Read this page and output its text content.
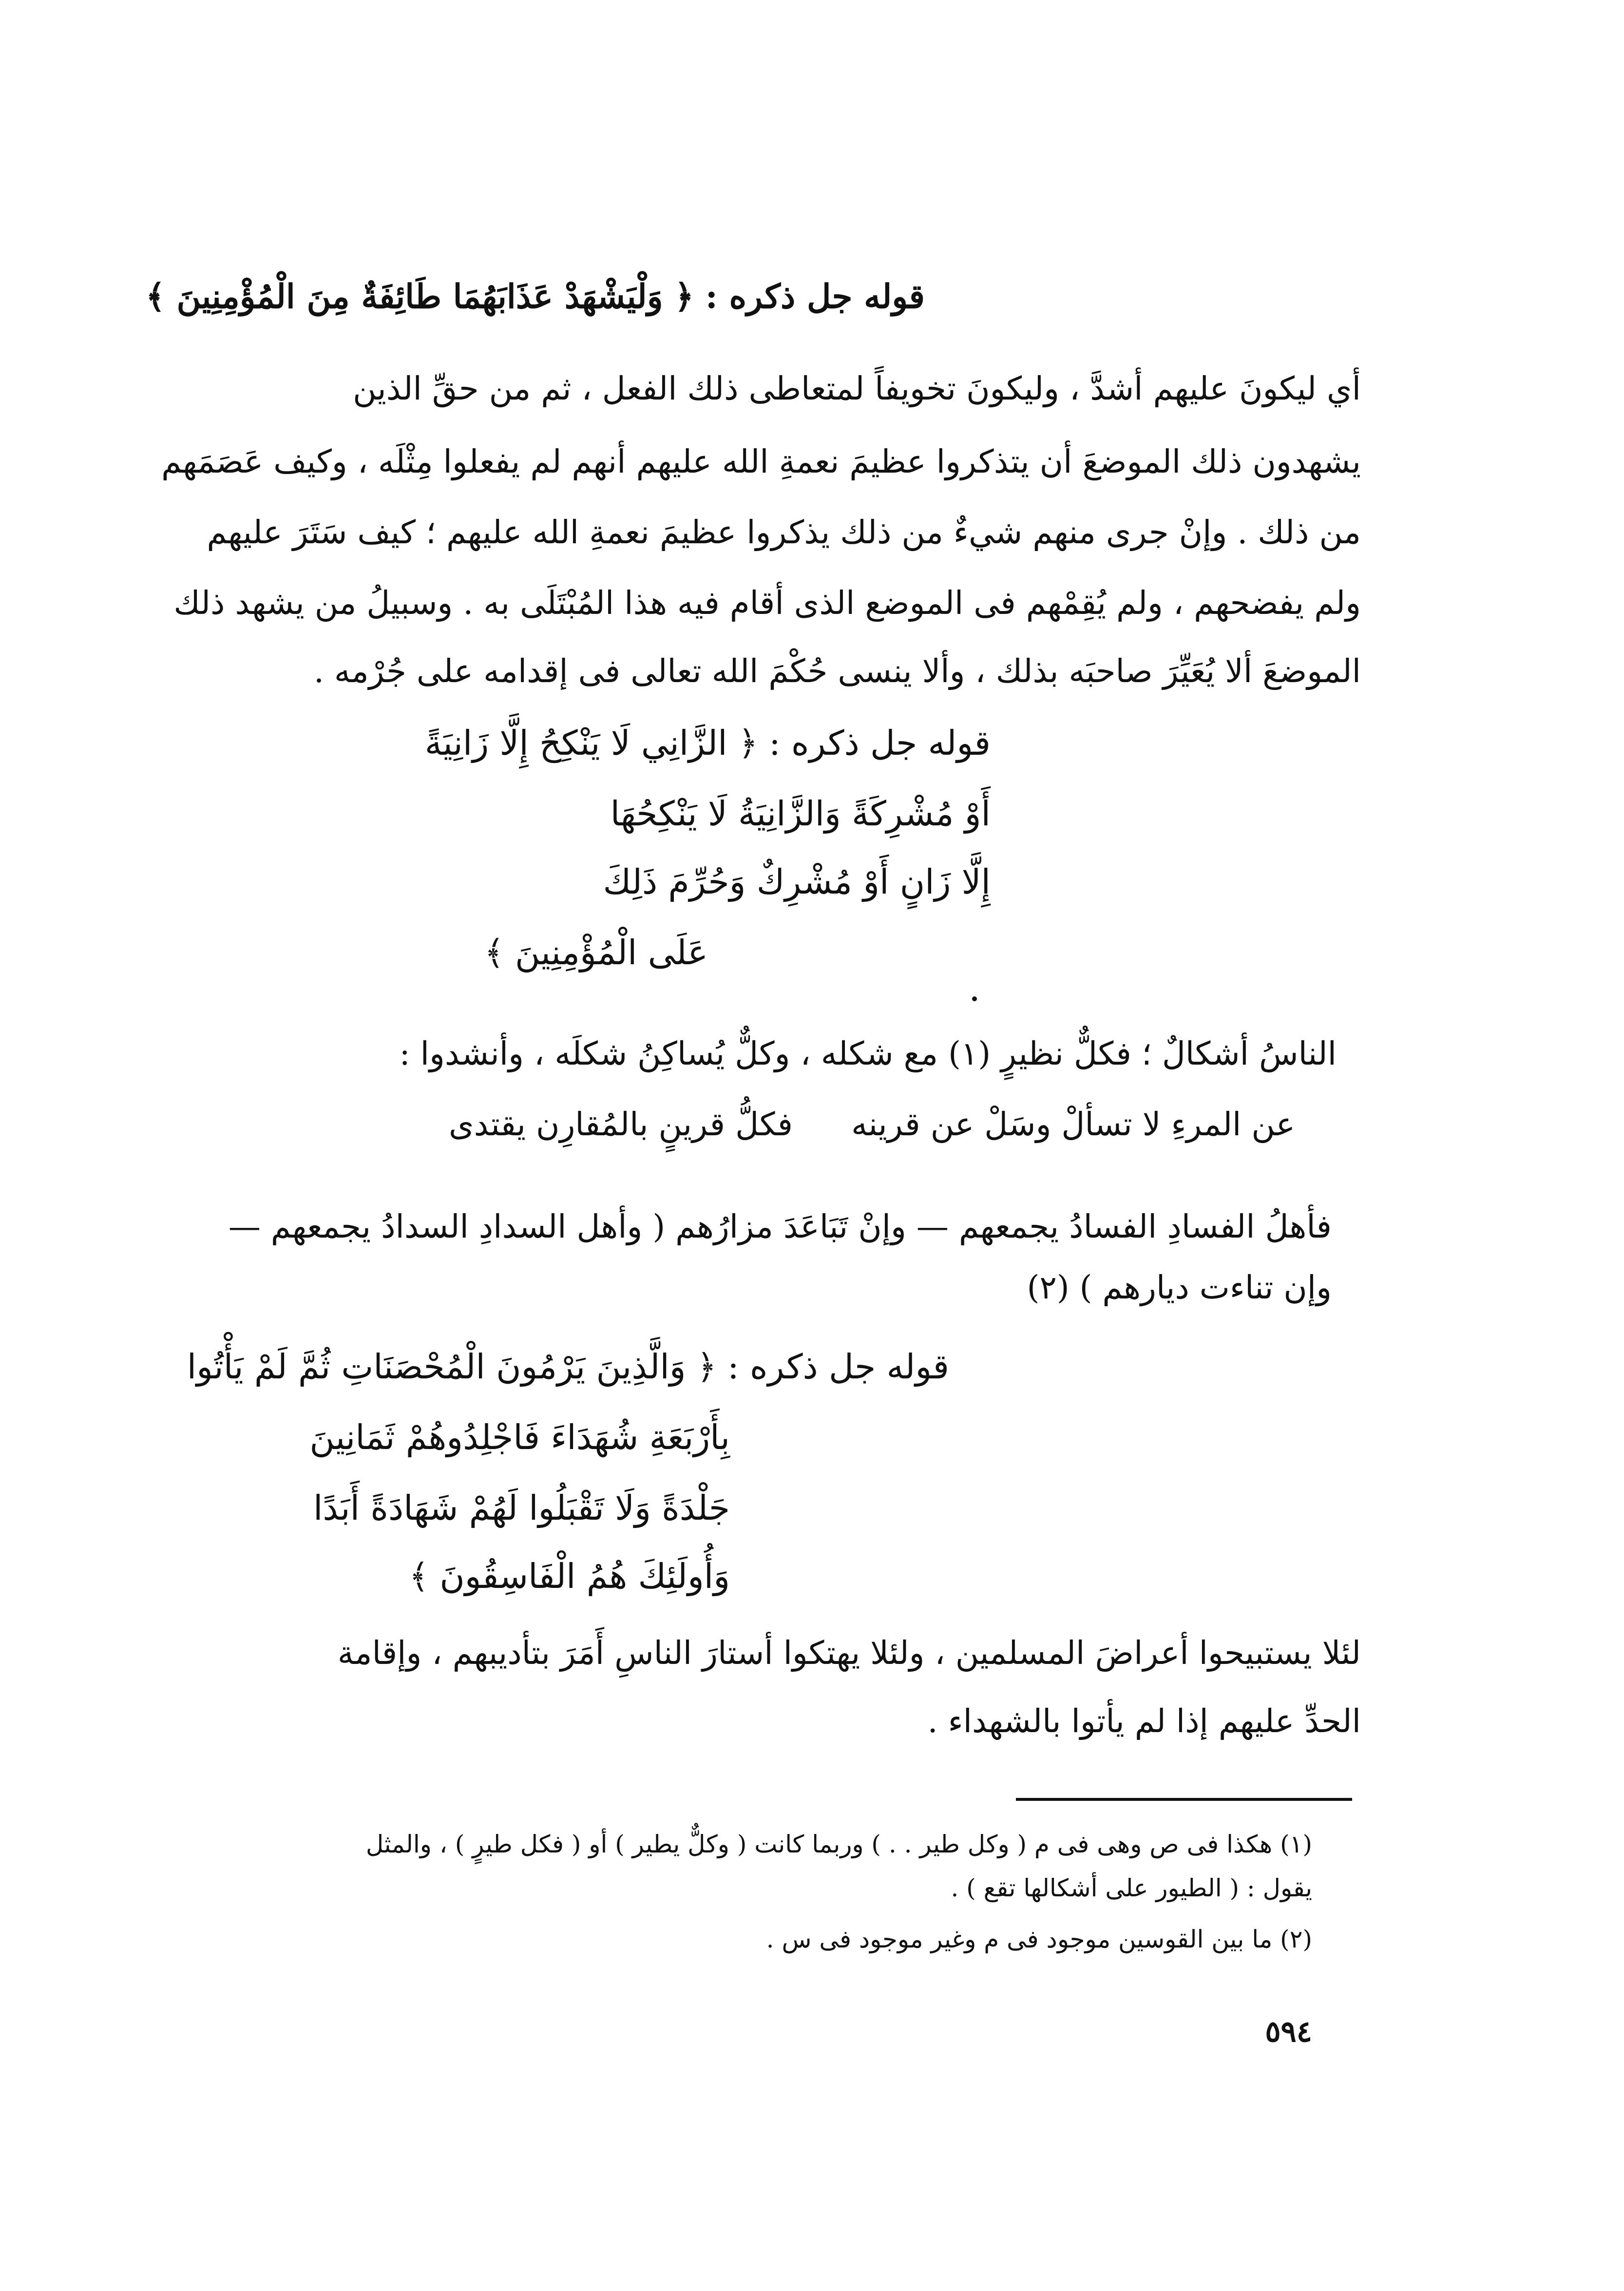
قوله جل ذكره : ﴿ وَلْيَشْهَدْ عَذَابَهُمَا طَائِفَةٌ مِنَ الْمُؤْمِنِينَ ﴾
أي ليكونَ عليهم أشدَّ ، وليكونَ تخويفاً لمتعاطى ذلك الفعل ، ثم من حقِّ الذين
يشهدون ذلك الموضعَ أن يتذكروا عظيمَ نعمةِ الله عليهم أنهم لم يفعلوا مِثْلَه ، وكيف عَصَمَهم
من ذلك . وإنْ جرى منهم شيءٌ من ذلك يذكروا عظيمَ نعمةِ الله عليهم ؛ كيف سَتَرَ عليهم
ولم يفضحهم ، ولم يُقِمْهم فى الموضع الذى أقام فيه هذا المُبْتَلَى به . وسبيلُ من يشهد ذلك
الموضعَ ألا يُعَيِّرَ صاحبَه بذلك ، وألا ينسى حُكْمَ الله تعالى فى إقدامه على جُرْمه .
قوله جل ذكره : ﴿ الزَّانِي لَا يَنْكِحُ إِلَّا زَانِيَةً
أَوْ مُشْرِكَةً وَالزَّانِيَةُ لَا يَنْكِحُهَا
إِلَّا زَانٍ أَوْ مُشْرِكٌ وَحُرِّمَ ذَلِكَ
عَلَى الْمُؤْمِنِينَ ﴾
الناسُ أشكالٌ ؛ فكلٌّ نظيرٍ (١) مع شكله ، وكلٌّ يُساكِنُ شكلَه ، وأنشدوا :
عن المرءِ لا تسألْ وسَلْ عن قرينهفكلُّ قرينٍ بالمُقارِن يقتدى
فأهلُ الفسادِ الفسادُ يجمعهم — وإنْ تَبَاعَدَ مزارُهم ( وأهل السدادِ السدادُ يجمعهم —
وإن تناءت ديارهم ) (٢)
قوله جل ذكره : ﴿ وَالَّذِينَ يَرْمُونَ الْمُحْصَنَاتِ ثُمَّ لَمْ يَأْتُوا
بِأَرْبَعَةِ شُهَدَاءَ فَاجْلِدُوهُمْ ثَمَانِينَ
جَلْدَةً وَلَا تَقْبَلُوا لَهُمْ شَهَادَةً أَبَدًا
وَأُولَئِكَ هُمُ الْفَاسِقُونَ ﴾
لئلا يستبيحوا أعراضَ المسلمين ، ولئلا يهتكوا أستارَ الناسِ أَمَرَ بتأديبهم ، وإقامة
الحدِّ عليهم إذا لم يأتوا بالشهداء .
(١) هكذا فى ص وهى فى م ( وكل طير . . ) وربما كانت ( وكلٌّ يطير ) أو ( فكل طيرٍ ) ، والمثل
يقول : ( الطيور على أشكالها تقع ) .
(٢) ما بين القوسين موجود فى م وغير موجود فى س .
٥٩٤
